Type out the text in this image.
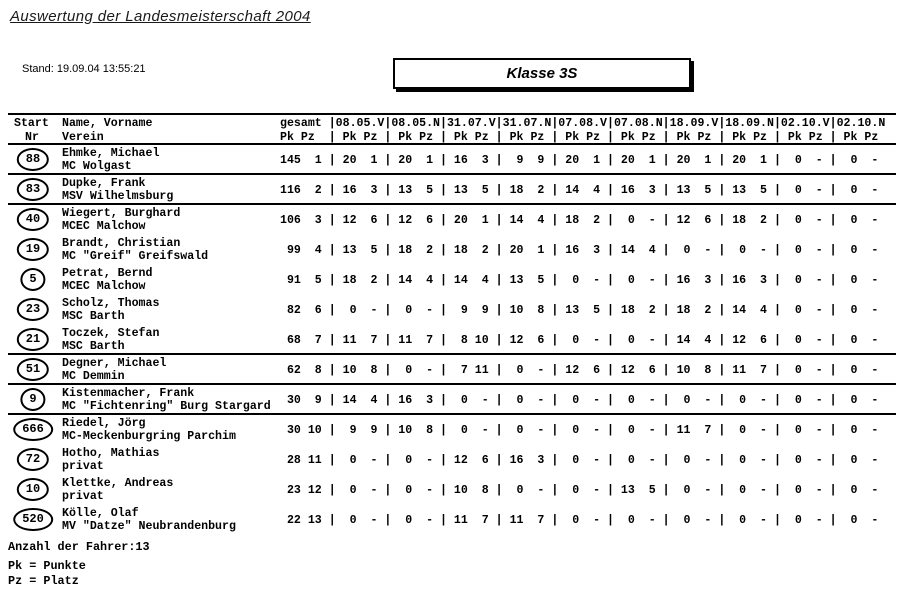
Auswertung der Landesmeisterschaft 2004
Stand: 19.09.04 13:55:21	Klasse 3S
Start
Nr
Name, Vorname
Verein
gesamt |08.05.V|08.05.N|31.07.V|31.07.N|07.08.V|07.08.N|18.09.V|18.09.N|02.10.V|02.10.N
Pk Pz  | Pk Pz | Pk Pz | Pk Pz | Pk Pz | Pk Pz | Pk Pz | Pk Pz | Pk Pz | Pk Pz | Pk Pz
88	Ehmke, Michael
MC Wolgast	145  1 | 20  1 | 20  1 | 16  3 |  9  9 | 20  1 | 20  1 | 20  1 | 20  1 |  0  - |  0  -
83	Dupke, Frank
MSV Wilhelmsburg	116  2 | 16  3 | 13  5 | 13  5 | 18  2 | 14  4 | 16  3 | 13  5 | 13  5 |  0  - |  0  -
40	Wiegert, Burghard
MCEC Malchow	106  3 | 12  6 | 12  6 | 20  1 | 14  4 | 18  2 |  0  - | 12  6 | 18  2 |  0  - |  0  -
19	Brandt, Christian
MC "Greif" Greifswald	99  4 | 13  5 | 18  2 | 18  2 | 20  1 | 16  3 | 14  4 |  0  - |  0  - |  0  - |  0  -
5	Petrat, Bernd
MCEC Malchow	91  5 | 18  2 | 14  4 | 14  4 | 13  5 |  0  - |  0  - | 16  3 | 16  3 |  0  - |  0  -
23	Scholz, Thomas
MSC Barth	82  6 |  0  - |  0  - |  9  9 | 10  8 | 13  5 | 18  2 | 18  2 | 14  4 |  0  - |  0  -
21	Toczek, Stefan
MSC Barth	68  7 | 11  7 | 11  7 |  8 10 | 12  6 |  0  - |  0  - | 14  4 | 12  6 |  0  - |  0  -
51	Degner, Michael
MC Demmin	62  8 | 10  8 |  0  - |  7 11 |  0  - | 12  6 | 12  6 | 10  8 | 11  7 |  0  - |  0  -
9	Kistenmacher, Frank
MC "Fichtenring" Burg Stargard 30  9 | 14  4 | 16  3 |  0  - |  0  - |  0  - |  0  - |  0  - |  0  - |  0  - |  0  -
666	Riedel, Jörg
MC-Meckenburgring Parchim	30 10 |  9  9 | 10  8 |  0  - |  0  - |  0  - |  0  - | 11  7 |  0  - |  0  - |  0  -
72	Hotho, Mathias
privat	28 11 |  0  - |  0  - | 12  6 | 16  3 |  0  - |  0  - |  0  - |  0  - |  0  - |  0  -
10	Klettke, Andreas
privat	23 12 |  0  - |  0  - | 10  8 |  0  - |  0  - | 13  5 |  0  - |  0  - |  0  - |  0  -
520	Kölle, Olaf
MV "Datze" Neubrandenburg	22 13 |  0  - |  0  - | 11  7 | 11  7 |  0  - |  0  - |  0  - |  0  - |  0  - |  0  -
Anzahl der Fahrer:13
Pk = Punkte
Pz = Platz
